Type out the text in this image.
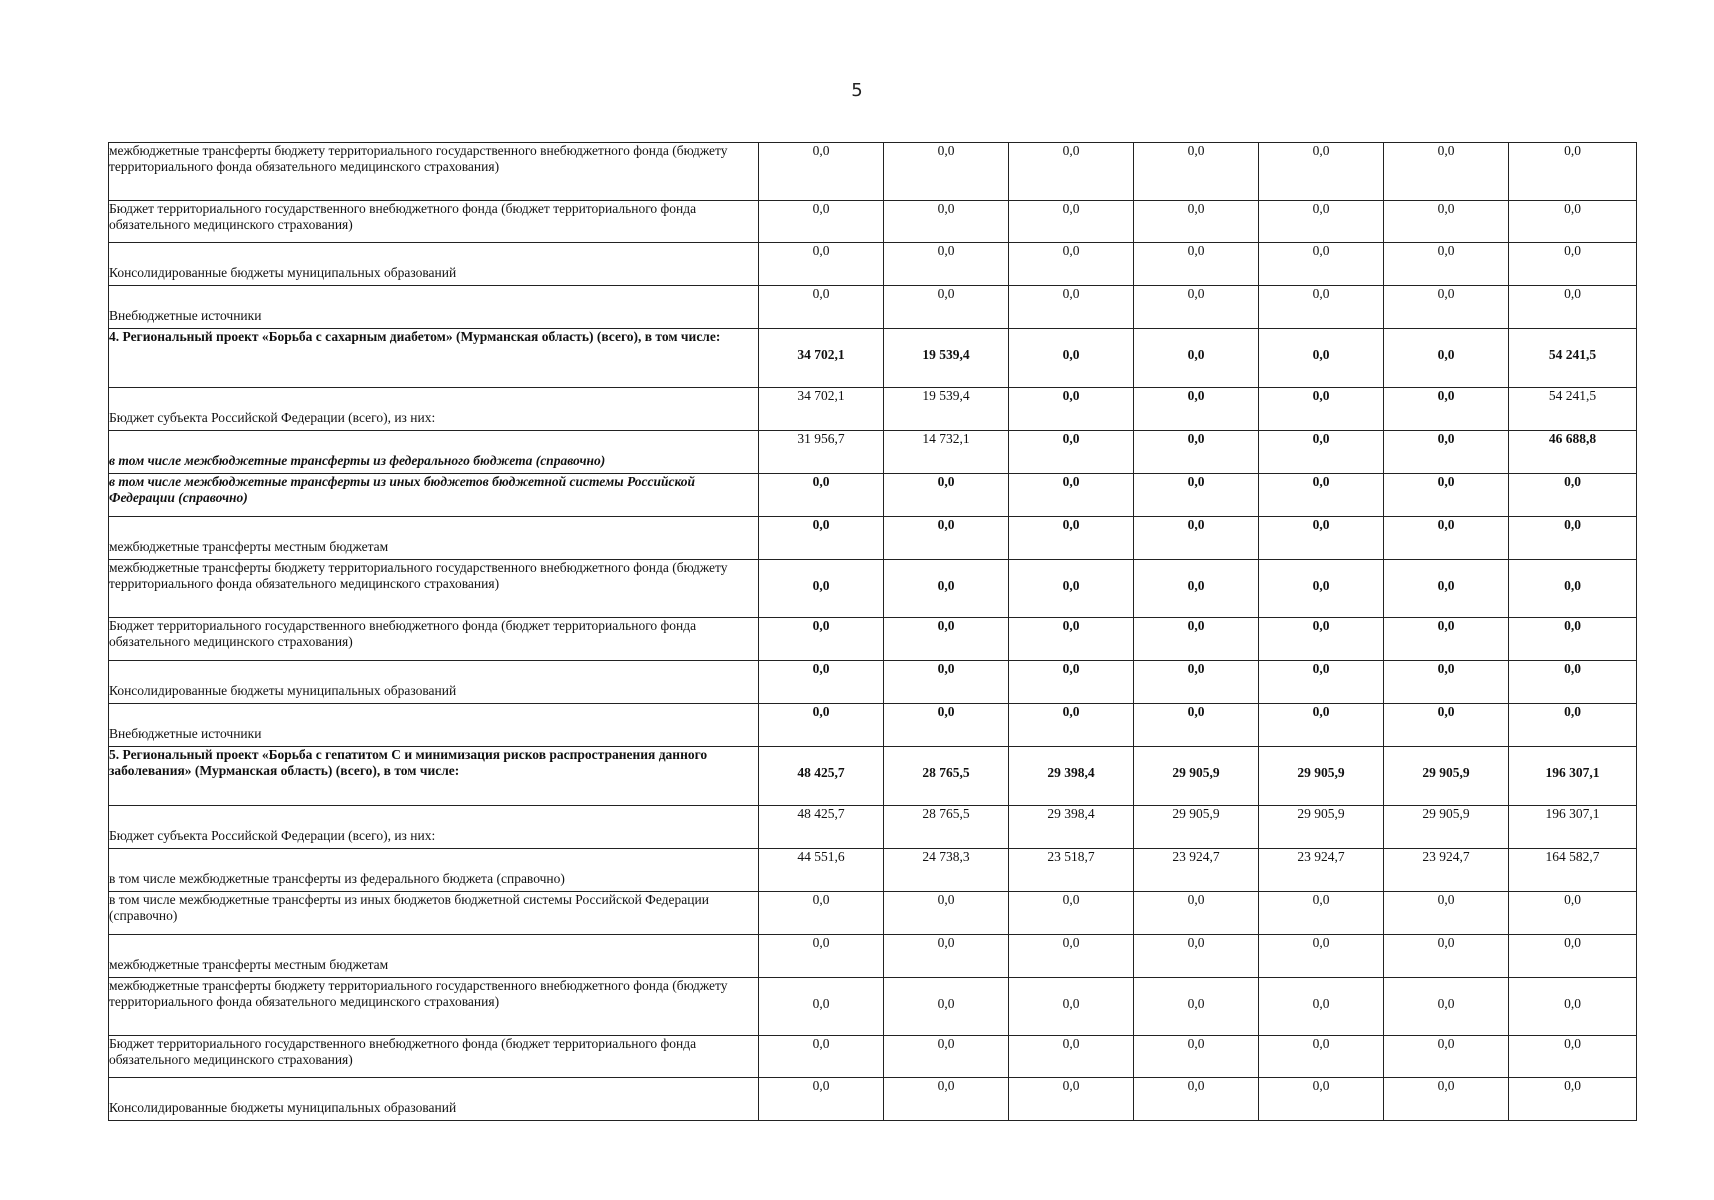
5
межбюджетные трансферты бюджету территориального государственного внебюджетного фонда (бюджету территориального фонда обязательного медицинского страхования)	0,0	0,0	0,0	0,0	0,0	0,0	0,0

Бюджет территориального государственного внебюджетного фонда (бюджет территориального фонда обязательного медицинского страхования)	0,0	0,0	0,0	0,0	0,0	0,0	0,0

Консолидированные бюджеты муниципальных образований	0,0	0,0	0,0	0,0	0,0	0,0	0,0

Внебюджетные источники	0,0	0,0	0,0	0,0	0,0	0,0	0,0

4. Региональный проект «Борьба с сахарным диабетом» (Мурманская область) (всего), в том числе:	34 702,1	19 539,4	0,0	0,0	0,0	0,0	54 241,5

Бюджет субъекта Российской Федерации (всего), из них:	34 702,1	19 539,4	0,0	0,0	0,0	0,0	54 241,5

в том числе межбюджетные трансферты из федерального бюджета (справочно)	31 956,7	14 732,1	0,0	0,0	0,0	0,0	46 688,8

в том числе межбюджетные трансферты из иных бюджетов бюджетной системы Российской Федерации (справочно)	0,0	0,0	0,0	0,0	0,0	0,0	0,0

межбюджетные трансферты местным бюджетам	0,0	0,0	0,0	0,0	0,0	0,0	0,0

межбюджетные трансферты бюджету территориального государственного внебюджетного фонда (бюджету территориального фонда обязательного медицинского страхования)	0,0	0,0	0,0	0,0	0,0	0,0	0,0

Бюджет территориального государственного внебюджетного фонда (бюджет территориального фонда обязательного медицинского страхования)	0,0	0,0	0,0	0,0	0,0	0,0	0,0

Консолидированные бюджеты муниципальных образований	0,0	0,0	0,0	0,0	0,0	0,0	0,0

Внебюджетные источники	0,0	0,0	0,0	0,0	0,0	0,0	0,0

5. Региональный проект «Борьба с гепатитом С и минимизация рисков распространения данного заболевания» (Мурманская область) (всего), в том числе:	48 425,7	28 765,5	29 398,4	29 905,9	29 905,9	29 905,9	196 307,1

Бюджет субъекта Российской Федерации (всего), из них:	48 425,7	28 765,5	29 398,4	29 905,9	29 905,9	29 905,9	196 307,1

в том числе межбюджетные трансферты из федерального бюджета (справочно)	44 551,6	24 738,3	23 518,7	23 924,7	23 924,7	23 924,7	164 582,7

в том числе межбюджетные трансферты из иных бюджетов бюджетной системы Российской Федерации (справочно)	0,0	0,0	0,0	0,0	0,0	0,0	0,0

межбюджетные трансферты местным бюджетам	0,0	0,0	0,0	0,0	0,0	0,0	0,0

межбюджетные трансферты бюджету территориального государственного внебюджетного фонда (бюджету территориального фонда обязательного медицинского страхования)	0,0	0,0	0,0	0,0	0,0	0,0	0,0

Бюджет территориального государственного внебюджетного фонда (бюджет территориального фонда обязательного медицинского страхования)	0,0	0,0	0,0	0,0	0,0	0,0	0,0

Консолидированные бюджеты муниципальных образований	0,0	0,0	0,0	0,0	0,0	0,0	0,0
